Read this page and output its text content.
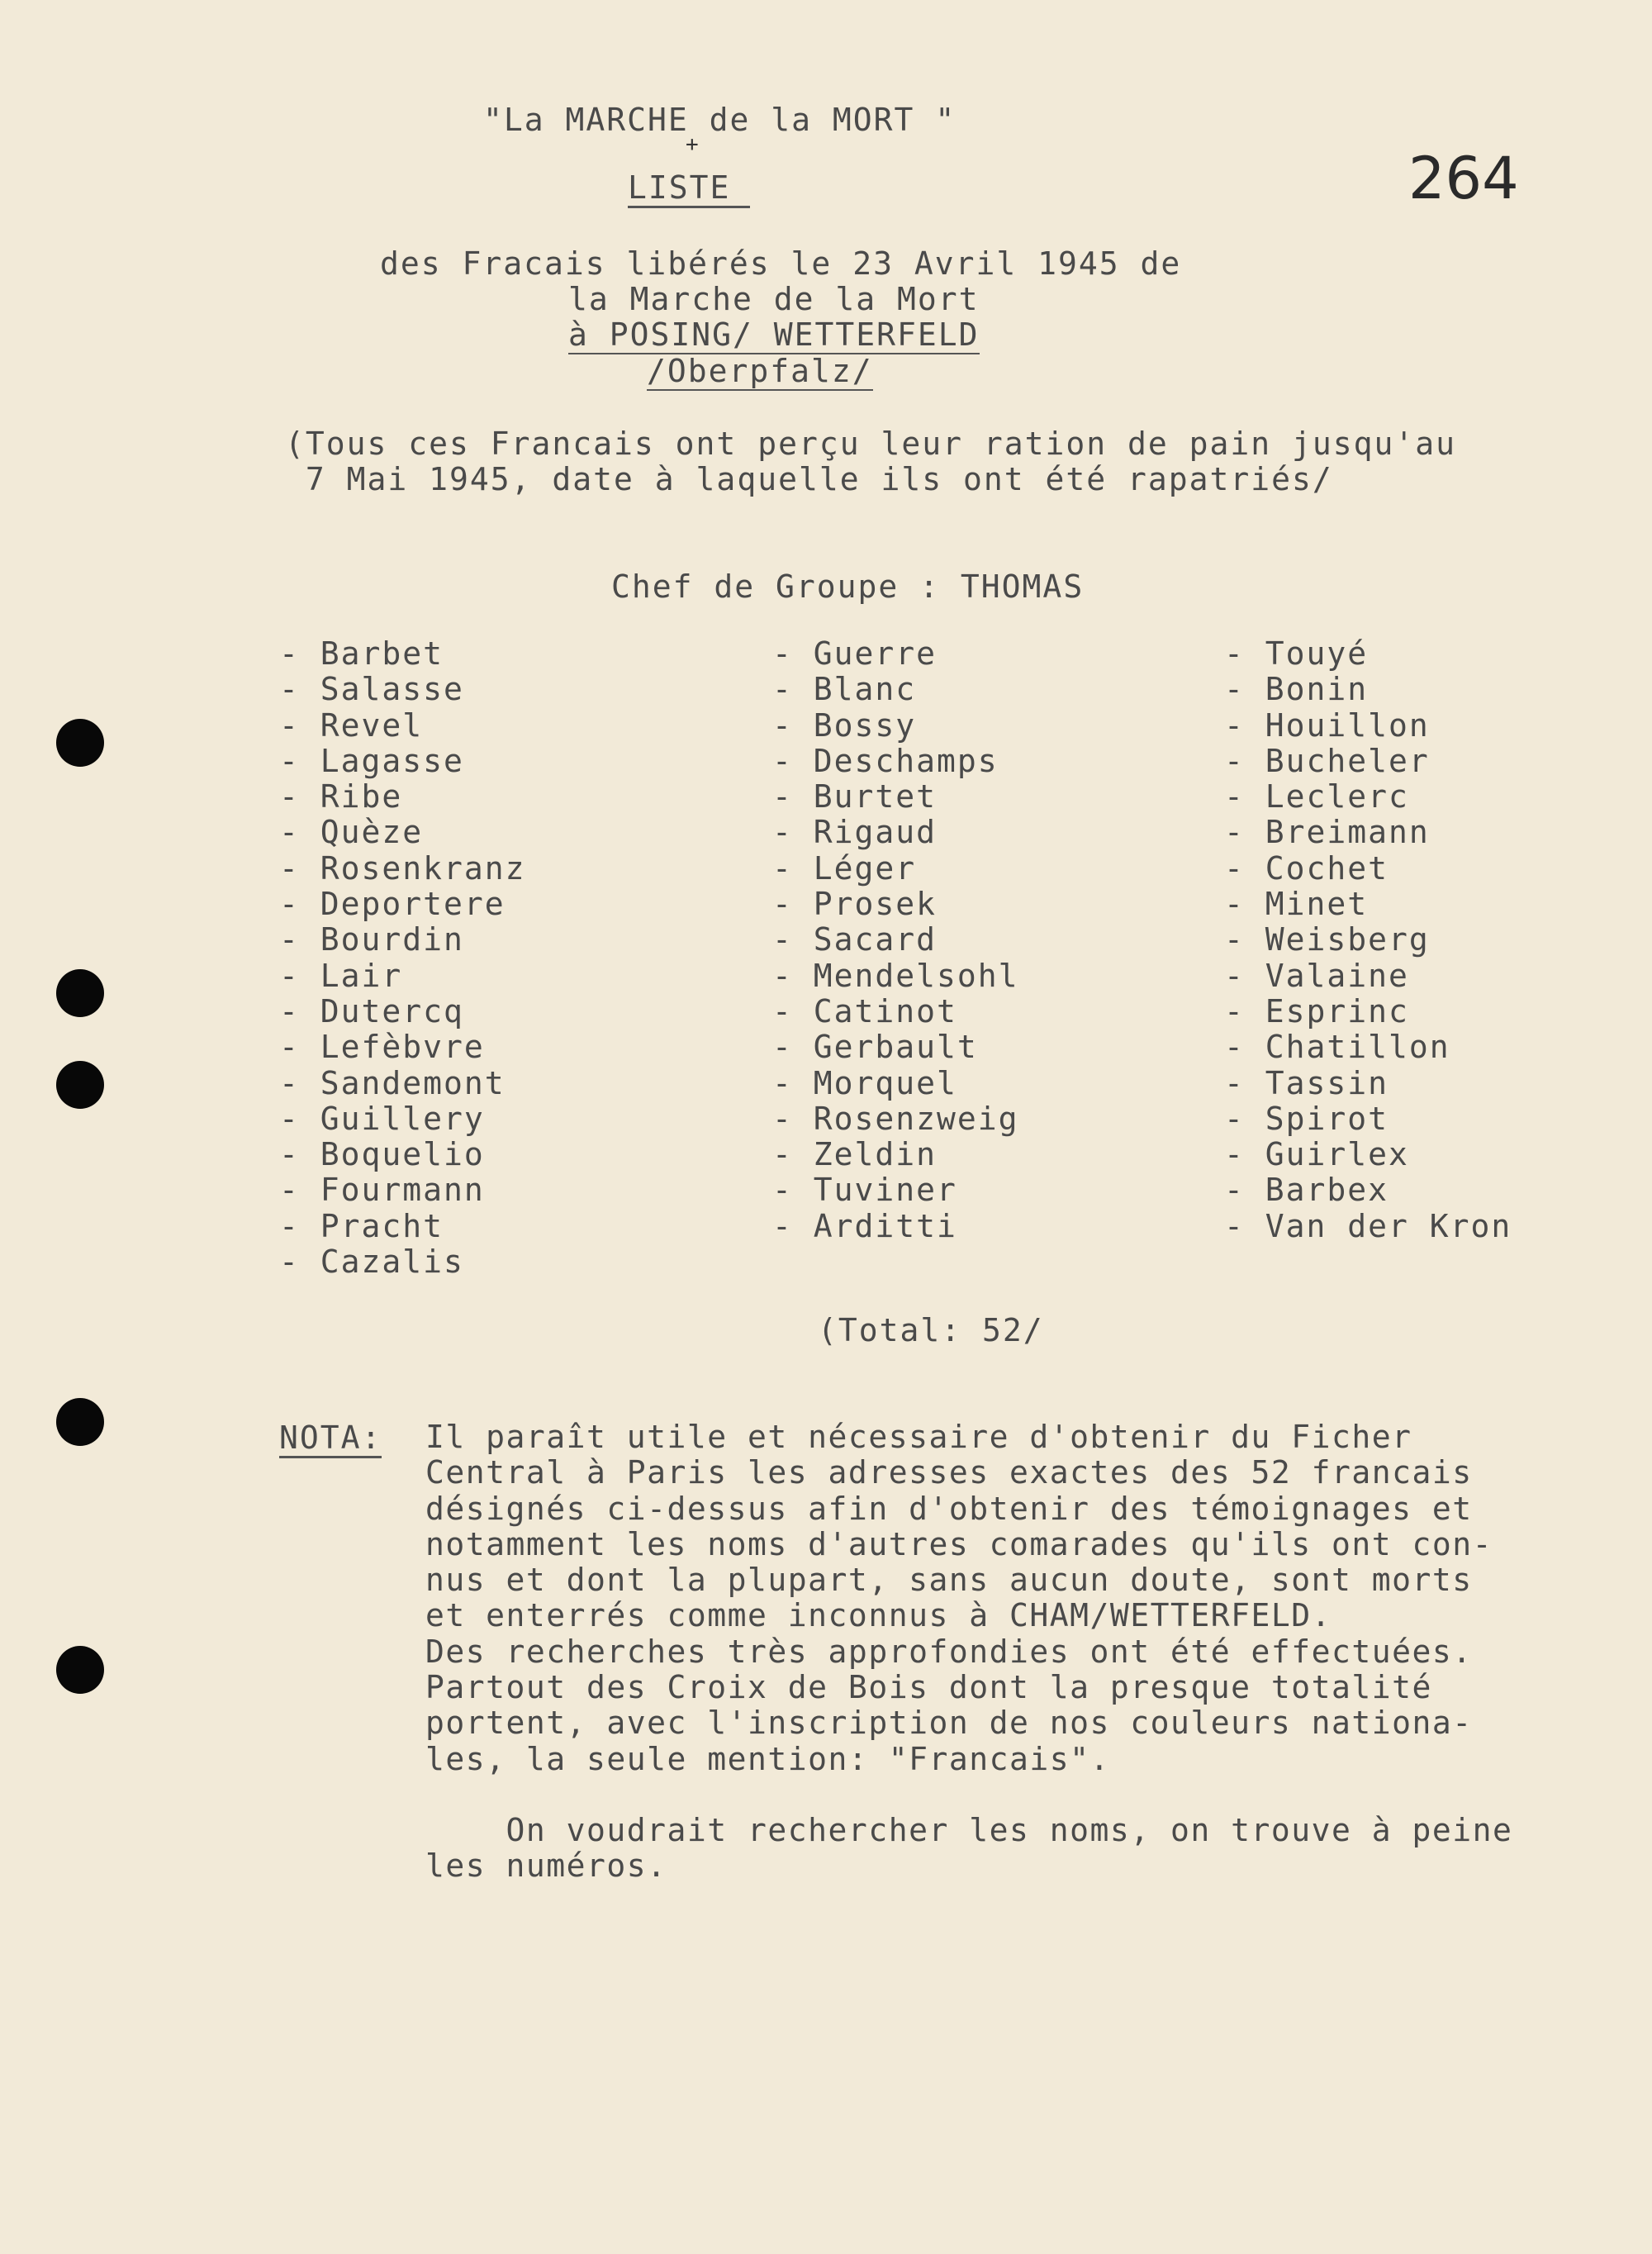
"La MARCHE de la MORT "
+
LISTE	264
des Fracais libérés le 23 Avril 1945 de
la Marche de la Mort
à POSING/ WETTERFELD
/Oberpfalz/
(Tous ces Francais ont perçu leur ration de pain jusqu'au
7 Mai 1945, date à laquelle ils ont été rapatriés/
Chef de Groupe : THOMAS
- Barbet
- Salasse
- Revel
- Lagasse
- Ribe
- Quèze
- Rosenkranz
- Deportere
- Bourdin
- Lair
- Dutercq
- Lefèbvre
- Sandemont
- Guillery
- Boquelio
- Fourmann
- Pracht
- Cazalis
- Guerre
- Blanc
- Bossy
- Deschamps
- Burtet
- Rigaud
- Léger
- Prosek
- Sacard
- Mendelsohl
- Catinot
- Gerbault
- Morquel
- Rosenzweig
- Zeldin
- Tuviner
- Arditti
- Touyé
- Bonin
- Houillon
- Bucheler
- Leclerc
- Breimann
- Cochet
- Minet
- Weisberg
- Valaine
- Esprinc
- Chatillon
- Tassin
- Spirot
- Guirlex
- Barbex
- Van der Kron
(Total: 52/
NOTA: Il paraît utile et nécessaire d'obtenir du Ficher
Central à Paris les adresses exactes des 52 francais
désignés ci-dessus afin d'obtenir des témoignages et
notamment les noms d'autres comarades qu'ils ont con-
nus et dont la plupart, sans aucun doute, sont morts
et enterrés comme inconnus à CHAM/WETTERFELD.

Des recherches très approfondies ont été effectuées.
Partout des Croix de Bois dont la presque totalité
portent, avec l'inscription de nos couleurs nationa-
les, la seule mention: "Francais".

On voudrait rechercher les noms, on trouve à peine
les numéros.
